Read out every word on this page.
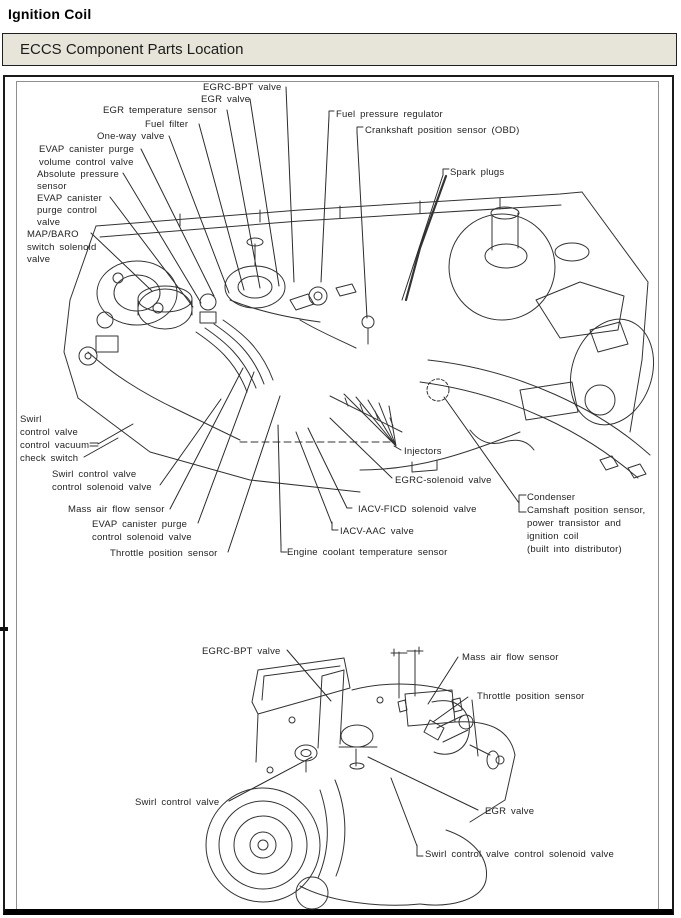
Ignition Coil
ECCS Component Parts Location
EGRC-BPT valve
EGR valve
EGR temperature sensor
Fuel filter
One-way valve
EVAP canister purge
volume control valve
Absolute pressure
sensor
EVAP canister
purge control
valve
MAP/BARO
switch solenoid
valve
Fuel pressure regulator
Crankshaft position sensor (OBD)
Spark plugs
Swirl
control valve
control vacuum
check switch
Swirl control valve
control solenoid valve
Mass air flow sensor
EVAP canister purge
control solenoid valve
Throttle position sensor
Injectors
EGRC-solenoid valve
IACV-FICD solenoid valve
IACV-AAC valve
Engine coolant temperature sensor
Condenser
Camshaft position sensor,
power transistor and
ignition coil
(built into distributor)
EGRC-BPT valve
Mass air flow sensor
Throttle position sensor
Swirl control valve
EGR valve
Swirl control valve control solenoid valve
